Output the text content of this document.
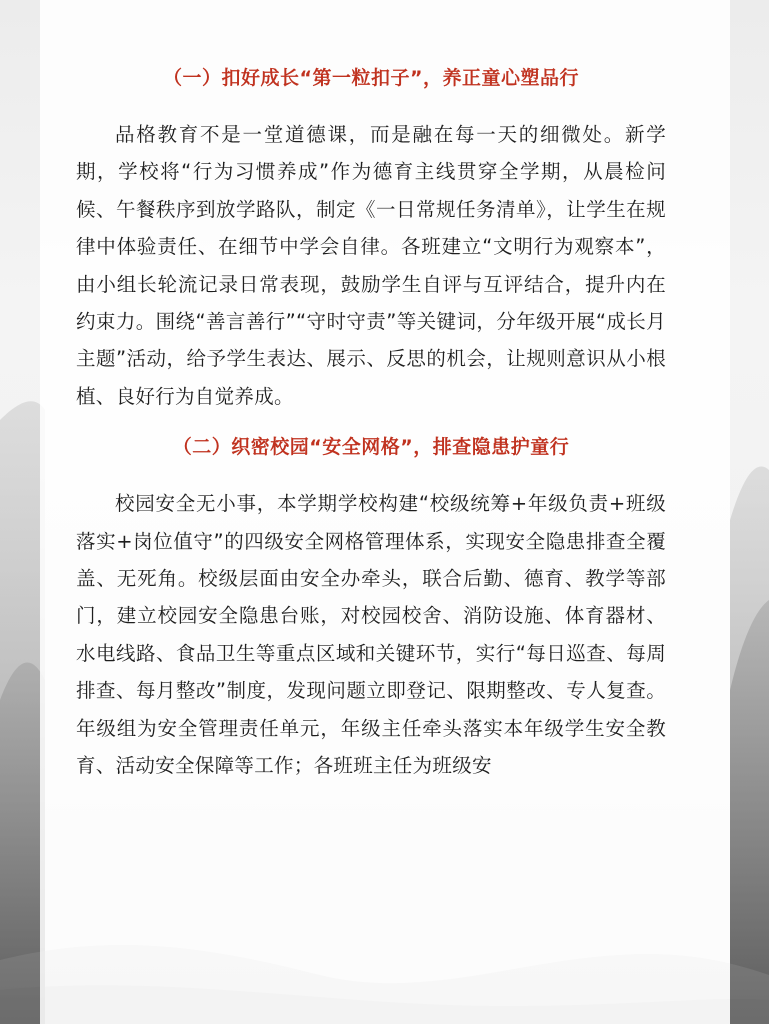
（一）扣好成长“第一粒扣子”，养正童心塑品行

品格教育不是一堂道德课，而是融在每一天的细微处。新学期，学校将“行为习惯养成”作为德育主线贯穿全学期，从晨检问候、午餐秩序到放学路队，制定《一日常规任务清单》，让学生在规律中体验责任、在细节中学会自律。各班建立“文明行为观察本”，由小组长轮流记录日常表现，鼓励学生自评与互评结合，提升内在约束力。围绕“善言善行”“守时守责”等关键词，分年级开展“成长月主题”活动，给予学生表达、展示、反思的机会，让规则意识从小根植、良好行为自觉养成。

（二）织密校园“安全网格”，排查隐患护童行

校园安全无小事，本学期学校构建“校级统筹+年级负责+班级落实+岗位值守”的四级安全网格管理体系，实现安全隐患排查全覆盖、无死角。校级层面由安全办牵头，联合后勤、德育、教学等部门，建立校园安全隐患台账，对校园校舍、消防设施、体育器材、水电线路、食品卫生等重点区域和关键环节，实行“每日巡查、每周排查、每月整改”制度，发现问题立即登记、限期整改、专人复查。年级组为安全管理责任单元，年级主任牵头落实本年级学生安全教育、活动安全保障等工作；各班班主任为班级安
